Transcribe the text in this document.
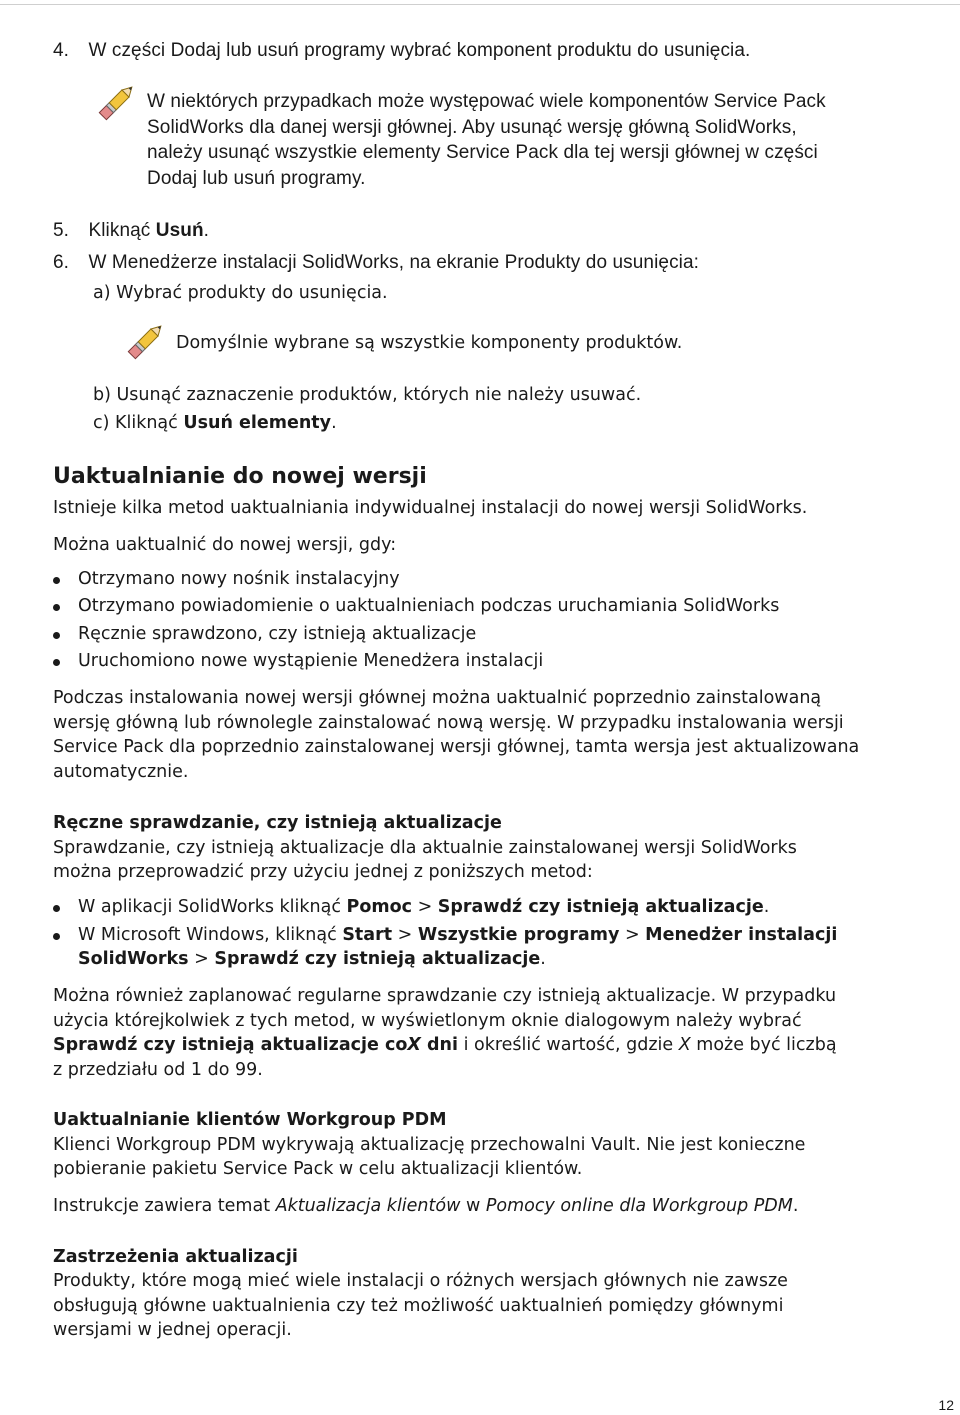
4. W części Dodaj lub usuń programy wybrać komponent produktu do usunięcia.
W niektórych przypadkach może występować wiele komponentów Service Pack
SolidWorks dla danej wersji głównej. Aby usunąć wersję główną SolidWorks,
należy usunąć wszystkie elementy Service Pack dla tej wersji głównej w części
Dodaj lub usuń programy.
5. Kliknąć Usuń.
6. W Menedżerze instalacji SolidWorks, na ekranie Produkty do usunięcia:
a) Wybrać produkty do usunięcia.
Domyślnie wybrane są wszystkie komponenty produktów.
b) Usunąć zaznaczenie produktów, których nie należy usuwać.
c) Kliknąć Usuń elementy.
Uaktualnianie do nowej wersji
Istnieje kilka metod uaktualniania indywidualnej instalacji do nowej wersji SolidWorks.
Można uaktualnić do nowej wersji, gdy:
Otrzymano nowy nośnik instalacyjny
Otrzymano powiadomienie o uaktualnieniach podczas uruchamiania SolidWorks
Ręcznie sprawdzono, czy istnieją aktualizacje
Uruchomiono nowe wystąpienie Menedżera instalacji
Podczas instalowania nowej wersji głównej można uaktualnić poprzednio zainstalowaną
wersję główną lub równolegle zainstalować nową wersję. W przypadku instalowania wersji
Service Pack dla poprzednio zainstalowanej wersji głównej, tamta wersja jest aktualizowana
automatycznie.
Ręczne sprawdzanie, czy istnieją aktualizacje
Sprawdzanie, czy istnieją aktualizacje dla aktualnie zainstalowanej wersji SolidWorks
można przeprowadzić przy użyciu jednej z poniższych metod:
W aplikacji SolidWorks kliknąć Pomoc > Sprawdź czy istnieją aktualizacje.
W Microsoft Windows, kliknąć Start > Wszystkie programy > Menedżer instalacji
SolidWorks > Sprawdź czy istnieją aktualizacje.
Można również zaplanować regularne sprawdzanie czy istnieją aktualizacje. W przypadku
użycia którejkolwiek z tych metod, w wyświetlonym oknie dialogowym należy wybrać
Sprawdź czy istnieją aktualizacje coX dni i określić wartość, gdzie X może być liczbą
z przedziału od 1 do 99.
Uaktualnianie klientów Workgroup PDM
Klienci Workgroup PDM wykrywają aktualizację przechowalni Vault. Nie jest konieczne
pobieranie pakietu Service Pack w celu aktualizacji klientów.
Instrukcje zawiera temat Aktualizacja klientów w Pomocy online dla Workgroup PDM.
Zastrzeżenia aktualizacji
Produkty, które mogą mieć wiele instalacji o różnych wersjach głównych nie zawsze
obsługują główne uaktualnienia czy też możliwość uaktualnień pomiędzy głównymi
wersjami w jednej operacji.
12
